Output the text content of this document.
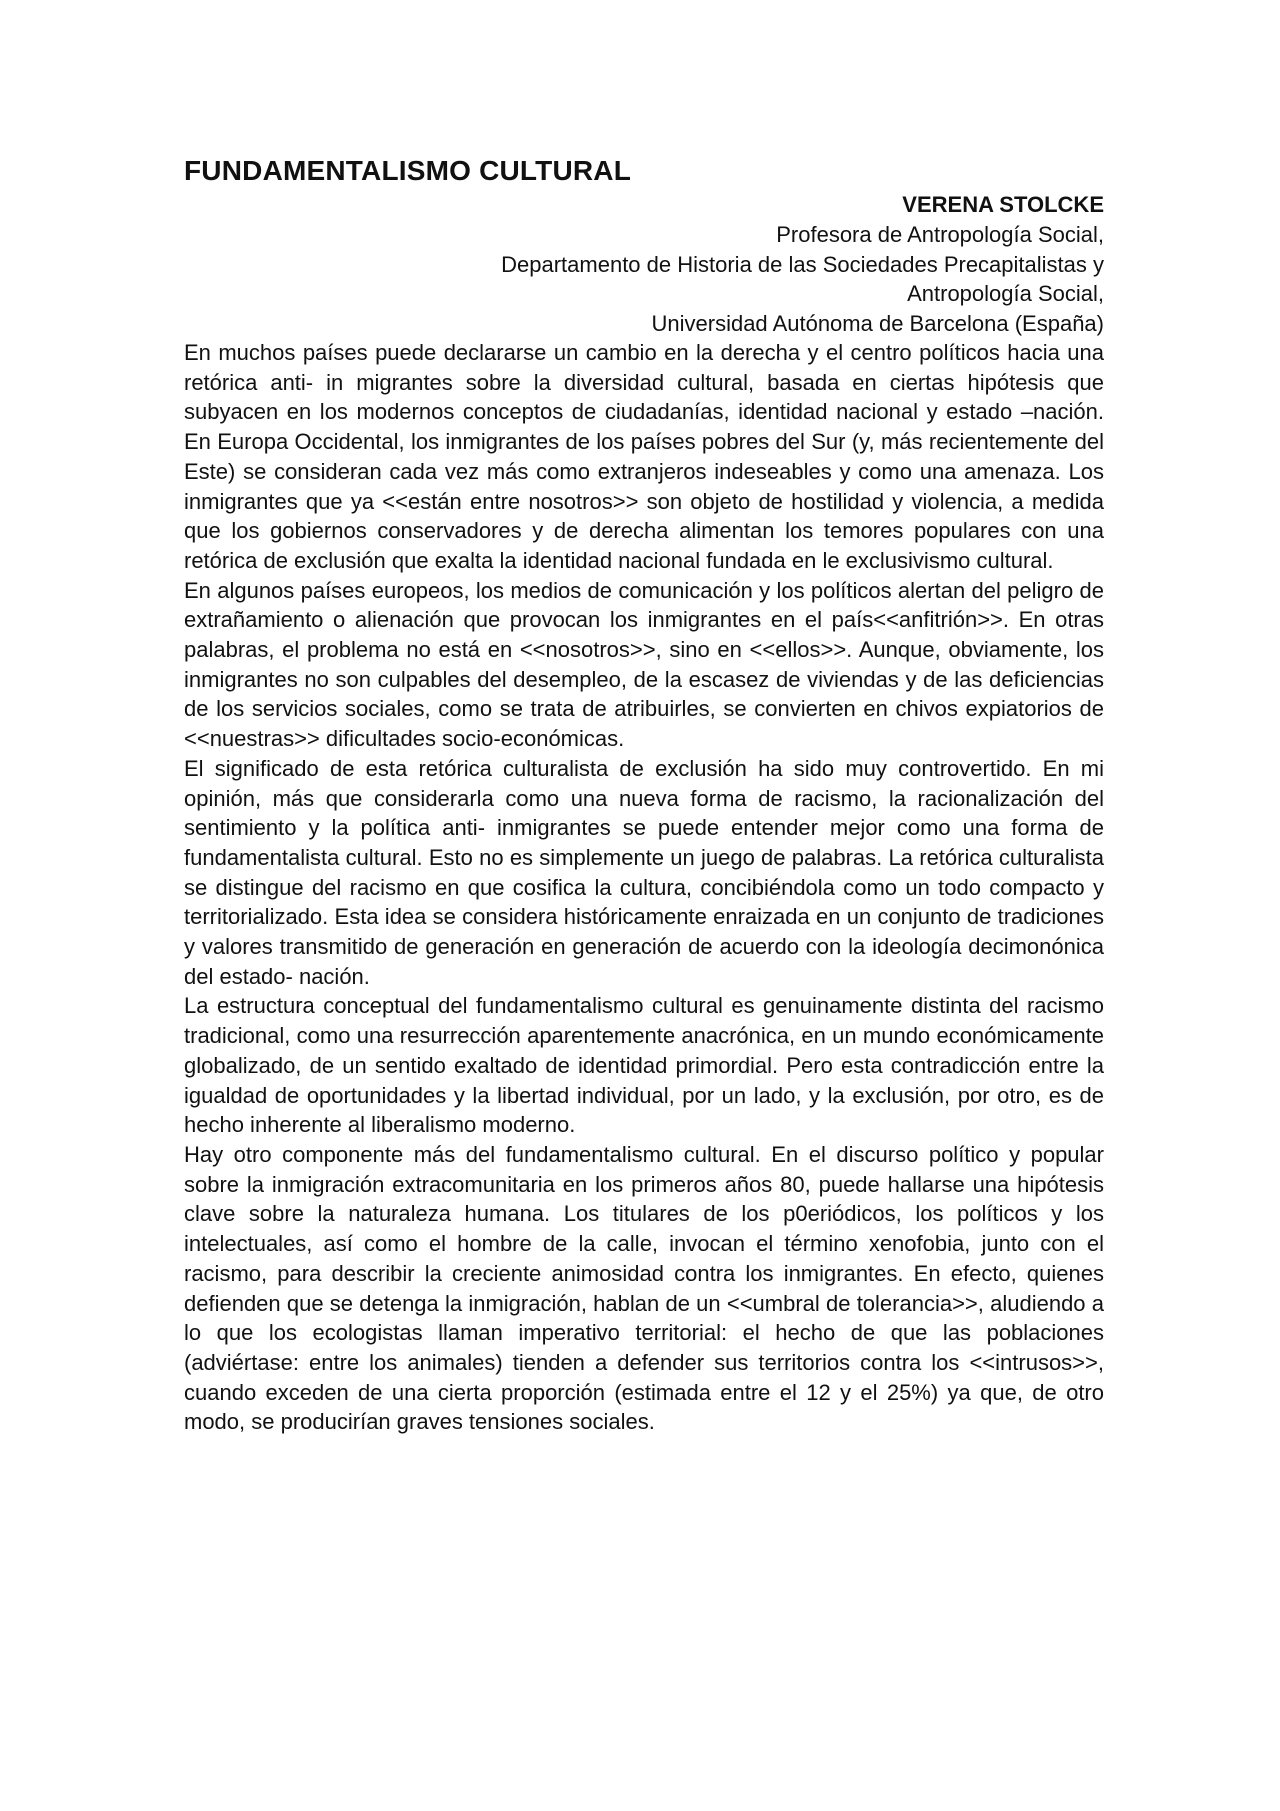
FUNDAMENTALISMO CULTURAL
VERENA STOLCKE
Profesora de Antropología Social,
Departamento de Historia de las Sociedades Precapitalistas y
Antropología Social,
Universidad Autónoma de Barcelona (España)

En muchos países puede declararse un cambio en la derecha y el centro políticos hacia una retórica anti- in migrantes sobre la diversidad cultural, basada en ciertas hipótesis que subyacen en los modernos conceptos de ciudadanías, identidad nacional y estado –nación. En Europa Occidental, los inmigrantes de los países pobres del Sur (y, más recientemente del Este) se consideran cada vez más como extranjeros indeseables y como una amenaza. Los inmigrantes que ya <<están entre nosotros>> son objeto de hostilidad y violencia, a medida que los gobiernos conservadores y de derecha alimentan los temores populares con una retórica de exclusión que exalta la identidad nacional fundada en le exclusivismo cultural.

En algunos países europeos, los medios de comunicación y los políticos alertan del peligro de extrañamiento o alienación que provocan los inmigrantes en el país<<anfitrión>>. En otras palabras, el problema no está en <<nosotros>>, sino en <<ellos>>. Aunque, obviamente, los inmigrantes no son culpables del desempleo, de la escasez de viviendas y de las deficiencias de los servicios sociales, como se trata de atribuirles, se convierten en chivos expiatorios de <<nuestras>> dificultades socio-económicas.

El significado de esta retórica culturalista de exclusión ha sido muy controvertido. En mi opinión, más que considerarla como una nueva forma de racismo, la racionalización del sentimiento y la política anti- inmigrantes se puede entender mejor como una forma de fundamentalista cultural. Esto no es simplemente un juego de palabras. La retórica culturalista se distingue del racismo en que cosifica la cultura, concibiéndola como un todo compacto y territorializado. Esta idea se considera históricamente enraizada en un conjunto de tradiciones y valores transmitido de generación en generación de acuerdo con la ideología decimonónica del estado- nación.

La estructura conceptual del fundamentalismo cultural es genuinamente distinta del racismo tradicional, como una resurrección aparentemente anacrónica, en un mundo económicamente globalizado, de un sentido exaltado de identidad primordial. Pero esta contradicción entre la igualdad de oportunidades y la libertad individual, por un lado, y la exclusión, por otro, es de hecho inherente al liberalismo moderno.

Hay otro componente más del fundamentalismo cultural. En el discurso político y popular sobre la inmigración extracomunitaria en los primeros años 80, puede hallarse una hipótesis clave sobre la naturaleza humana. Los titulares de los p0eriódicos, los políticos y los intelectuales, así como el hombre de la calle, invocan el término xenofobia, junto con el racismo, para describir la creciente animosidad contra los inmigrantes. En efecto, quienes defienden que se detenga la inmigración, hablan de un <<umbral de tolerancia>>, aludiendo a lo que los ecologistas llaman imperativo territorial: el hecho de que las poblaciones (adviértase: entre los animales) tienden a defender sus territorios contra los <<intrusos>>, cuando exceden de una cierta proporción (estimada entre el 12 y el 25%) ya que, de otro modo, se producirían graves tensiones sociales.
